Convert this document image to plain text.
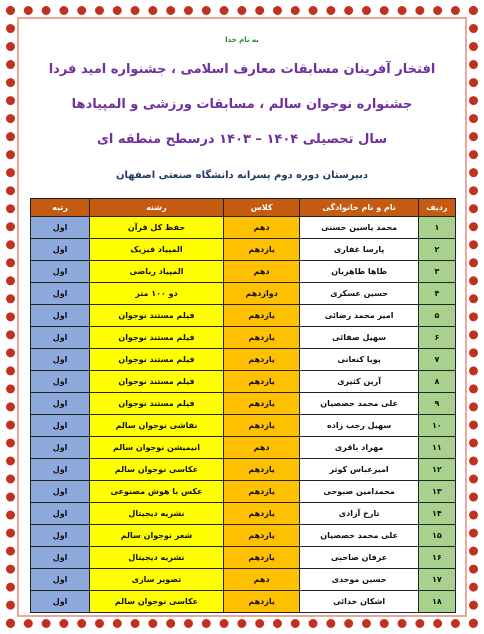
به نام خدا
افتخار آفرینان مسابقات معارف اسلامی ، جشنواره امید فردا
جشنواره نوجوان سالم ، مسابقات ورزشی و المپیادها
سال تحصیلی ۱۴۰۴ – ۱۴۰۳ درسطح منطقه ای
دبیرستان دوره دوم پسرانه دانشگاه صنعتی اصفهان
ردیف	نام و نام خانوادگی	کلاس	رشته	رتبه
۱	محمد یاسین حسنی	دهم	حفظ کل قرآن	اول
۲	پارسا غفاری	یازدهم	المپیاد فیزیک	اول
۳	طاها طاهریان	دهم	المپیاد ریاضی	اول
۴	حسین عسکری	دوازدهم	دو ۱۰۰ متر	اول
۵	امیر محمد رضائی	یازدهم	فیلم مستند نوجوان	اول
۶	سهیل صفائی	یازدهم	فیلم مستند نوجوان	اول
۷	پویا کنعانی	یازدهم	فیلم مستند نوجوان	اول
۸	آرین کثیری	یازدهم	فیلم مستند نوجوان	اول
۹	علی محمد حصصیان	یازدهم	فیلم مستند نوجوان	اول
۱۰	سهیل رجب زاده	یازدهم	نقاشی نوجوان سالم	اول
۱۱	مهراد باقری	دهم	انیمیشن نوجوان سالم	اول
۱۲	امیرعباس کوثر	یازدهم	عکاسی نوجوان سالم	اول
۱۳	محمدامین صبوحی	یازدهم	عکس با هوش مصنوعی	اول
۱۴	تارخ آزادی	یازدهم	نشریه دیجیتال	اول
۱۵	علی محمد حصصیان	یازدهم	شعر نوجوان سالم	اول
۱۶	عرفان صاحبی	یازدهم	نشریه دیجیتال	اول
۱۷	حسین موحدی	دهم	تصویر سازی	اول
۱۸	اشکان خدائی	یازدهم	عکاسی نوجوان سالم	اول
